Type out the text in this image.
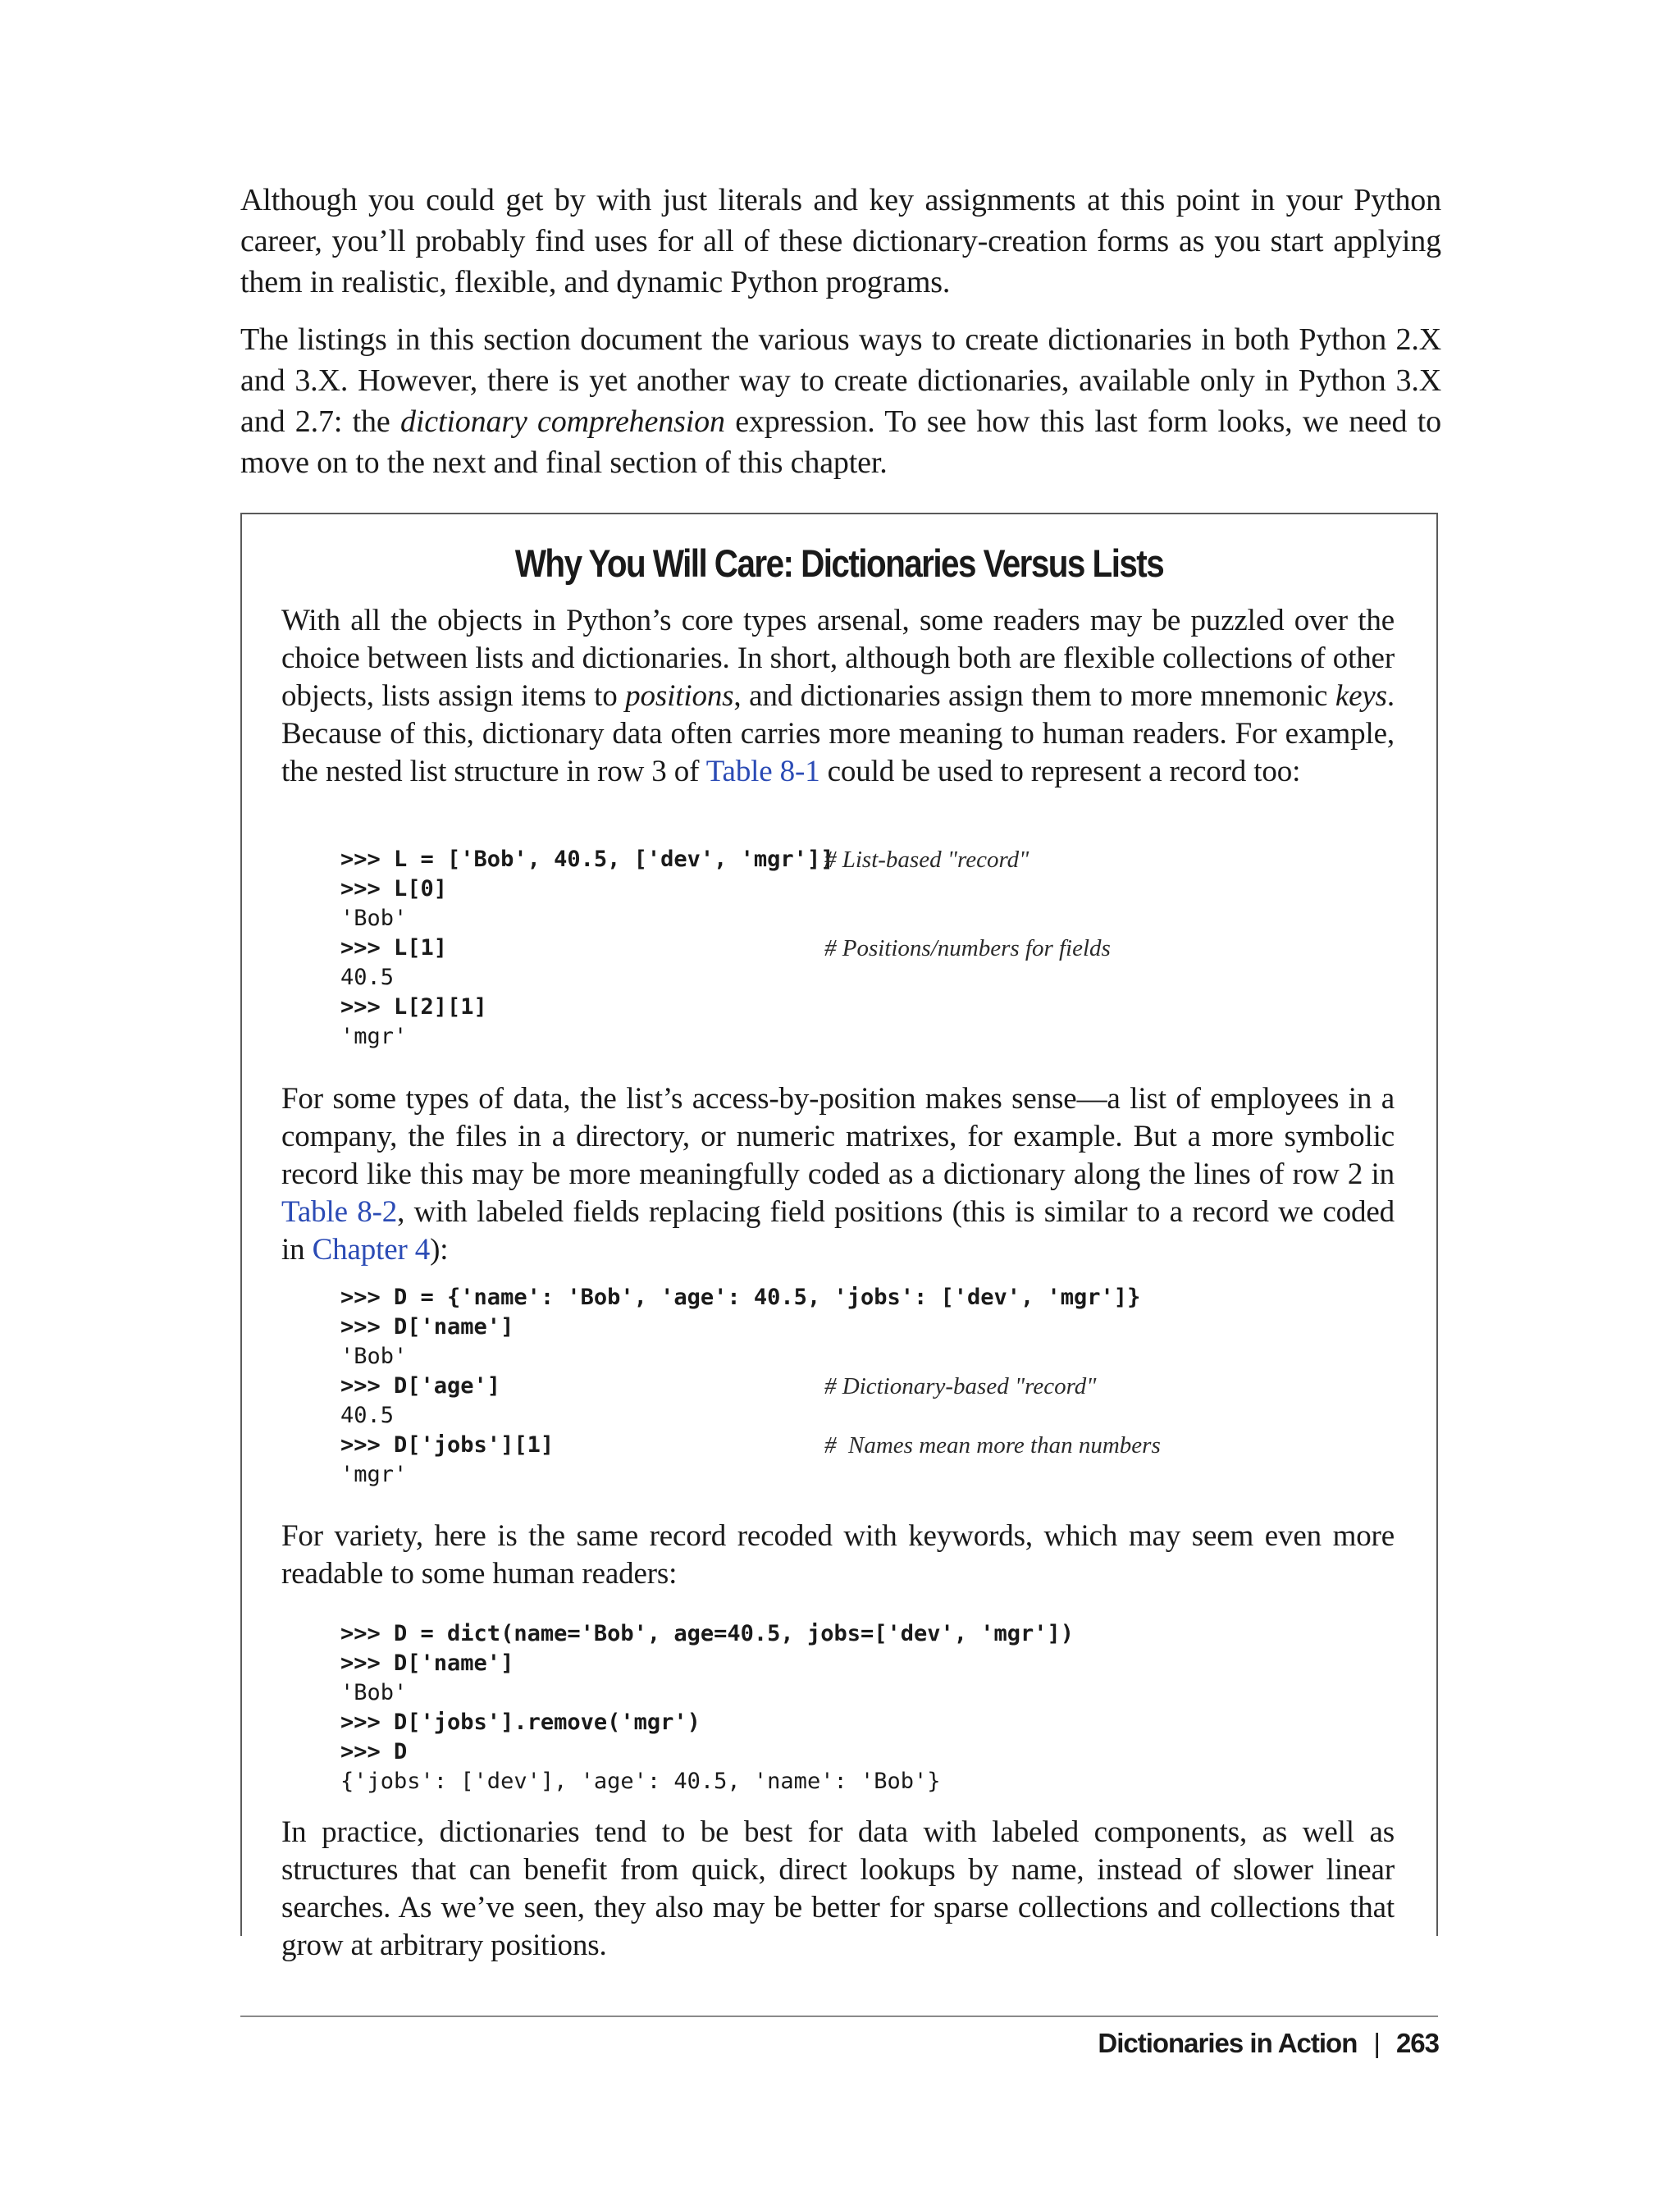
Although you could get by with just literals and key assignments at this point in your Python career, you’ll probably find uses for all of these dictionary-creation forms as you start applying them in realistic, flexible, and dynamic Python programs.

The listings in this section document the various ways to create dictionaries in both Python 2.X and 3.X. However, there is yet another way to create dictionaries, available only in Python 3.X and 2.7: the dictionary comprehension expression. To see how this last form looks, we need to move on to the next and final section of this chapter.

Why You Will Care: Dictionaries Versus Lists

With all the objects in Python’s core types arsenal, some readers may be puzzled over the choice between lists and dictionaries. In short, although both are flexible collections of other objects, lists assign items to positions, and dictionaries assign them to more mnemonic keys. Because of this, dictionary data often carries more meaning to human readers. For example, the nested list structure in row 3 of Table 8-1 could be used to represent a record too:

>>> L = ['Bob', 40.5, ['dev', 'mgr']]
# List-based "record"
>>> L[0]
'Bob'
>>> L[1]	# Positions/numbers for fields
40.5
>>> L[2][1]
'mgr'

For some types of data, the list’s access-by-position makes sense—a list of employees in a company, the files in a directory, or numeric matrixes, for example. But a more symbolic record like this may be more meaningfully coded as a dictionary along the lines of row 2 in Table 8-2, with labeled fields replacing field positions (this is similar to a record we coded in Chapter 4):

>>> D = {'name': 'Bob', 'age': 40.5, 'jobs': ['dev', 'mgr']}
>>> D['name']
'Bob'
>>> D['age']	# Dictionary-based "record"
40.5
>>> D['jobs'][1]	#  Names mean more than numbers
'mgr'

For variety, here is the same record recoded with keywords, which may seem even more readable to some human readers:

>>> D = dict(name='Bob', age=40.5, jobs=['dev', 'mgr'])
>>> D['name']
'Bob'
>>> D['jobs'].remove('mgr')
>>> D
{'jobs': ['dev'], 'age': 40.5, 'name': 'Bob'}

In practice, dictionaries tend to be best for data with labeled components, as well as structures that can benefit from quick, direct lookups by name, instead of slower linear searches. As we’ve seen, they also may be better for sparse collections and collections that grow at arbitrary positions.

Dictionaries in Action | 263
